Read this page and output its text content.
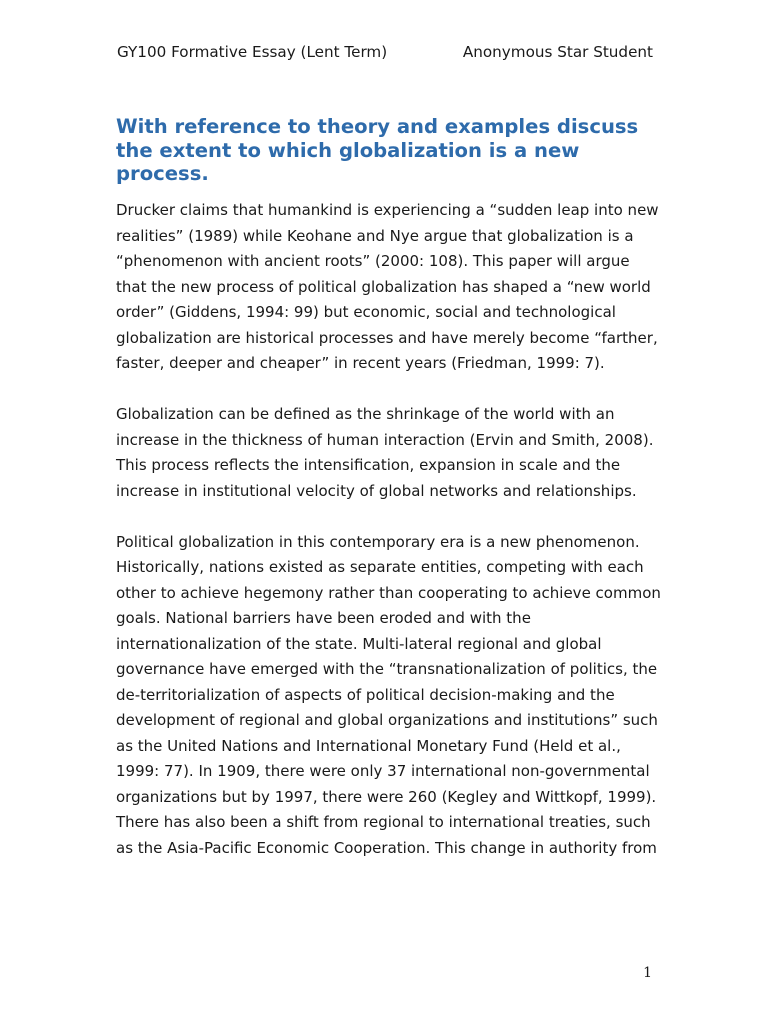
GY100 Formative Essay (Lent Term)	Anonymous Star Student
With reference to theory and examples discuss the extent to which globalization is a new process.

Drucker claims that humankind is experiencing a “sudden leap into new realities” (1989) while Keohane and Nye argue that globalization is a “phenomenon with ancient roots” (2000: 108). This paper will argue that the new process of political globalization has shaped a “new world order” (Giddens, 1994: 99) but economic, social and technological globalization are historical processes and have merely become “farther, faster, deeper and cheaper” in recent years (Friedman, 1999: 7).

Globalization can be defined as the shrinkage of the world with an increase in the thickness of human interaction (Ervin and Smith, 2008). This process reflects the intensification, expansion in scale and the increase in institutional velocity of global networks and relationships.

Political globalization in this contemporary era is a new phenomenon. Historically, nations existed as separate entities, competing with each other to achieve hegemony rather than cooperating to achieve common goals. National barriers have been eroded and with the internationalization of the state. Multi-lateral regional and global governance have emerged with the “transnationalization of politics, the de-territorialization of aspects of political decision-making and the development of regional and global organizations and institutions” such as the United Nations and International Monetary Fund (Held et al., 1999: 77). In 1909, there were only 37 international non-governmental organizations but by 1997, there were 260 (Kegley and Wittkopf, 1999). There has also been a shift from regional to international treaties, such as the Asia-Pacific Economic Cooperation. This change in authority from

1
